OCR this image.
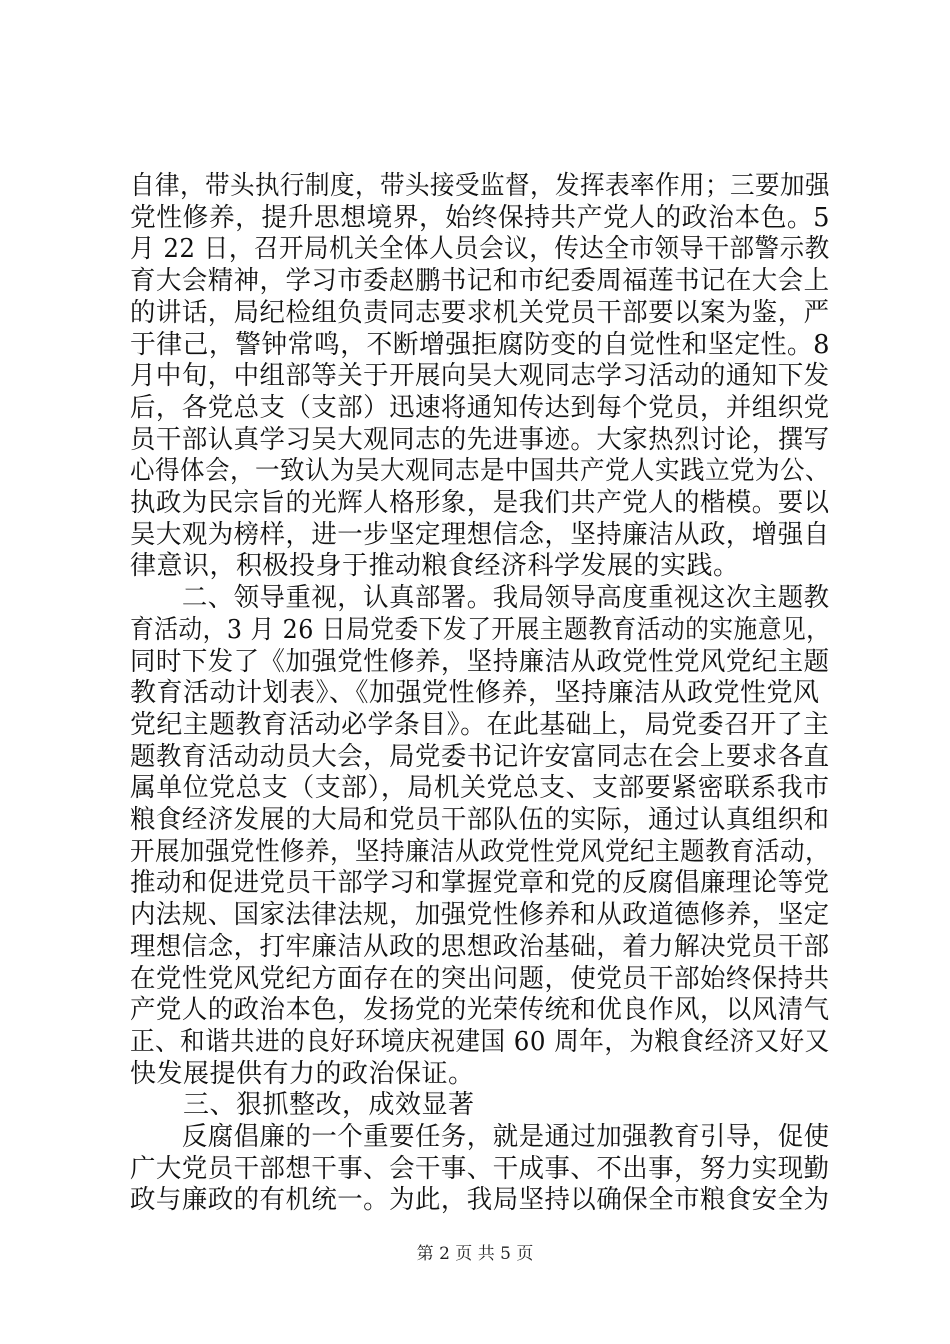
自律，带头执行制度，带头接受监督，发挥表率作用；三要加强
党性修养，提升思想境界，始终保持共产党人的政治本色。5
月 22 日，召开局机关全体人员会议，传达全市领导干部警示教
育大会精神，学习市委赵鹏书记和市纪委周福莲书记在大会上
的讲话，局纪检组负责同志要求机关党员干部要以案为鉴，严
于律己，警钟常鸣，不断增强拒腐防变的自觉性和坚定性。8
月中旬，中组部等关于开展向吴大观同志学习活动的通知下发
后，各党总支（支部）迅速将通知传达到每个党员，并组织党
员干部认真学习吴大观同志的先进事迹。大家热烈讨论，撰写
心得体会，一致认为吴大观同志是中国共产党人实践立党为公、
执政为民宗旨的光辉人格形象，是我们共产党人的楷模。要以
吴大观为榜样，进一步坚定理想信念，坚持廉洁从政，增强自
律意识，积极投身于推动粮食经济科学发展的实践。
　　二、领导重视，认真部署。我局领导高度重视这次主题教
育活动，3 月 26 日局党委下发了开展主题教育活动的实施意见，
同时下发了《加强党性修养，坚持廉洁从政党性党风党纪主题
教育活动计划表》、《加强党性修养，坚持廉洁从政党性党风
党纪主题教育活动必学条目》。在此基础上，局党委召开了主
题教育活动动员大会，局党委书记许安富同志在会上要求各直
属单位党总支（支部），局机关党总支、支部要紧密联系我市
粮食经济发展的大局和党员干部队伍的实际，通过认真组织和
开展加强党性修养，坚持廉洁从政党性党风党纪主题教育活动，
推动和促进党员干部学习和掌握党章和党的反腐倡廉理论等党
内法规、国家法律法规，加强党性修养和从政道德修养，坚定
理想信念，打牢廉洁从政的思想政治基础，着力解决党员干部
在党性党风党纪方面存在的突出问题，使党员干部始终保持共
产党人的政治本色，发扬党的光荣传统和优良作风，以风清气
正、和谐共进的良好环境庆祝建国 60 周年，为粮食经济又好又
快发展提供有力的政治保证。
　　三、狠抓整改，成效显著
　　反腐倡廉的一个重要任务，就是通过加强教育引导，促使
广大党员干部想干事、会干事、干成事、不出事，努力实现勤
政与廉政的有机统一。为此，我局坚持以确保全市粮食安全为
第 2 页 共 5 页
